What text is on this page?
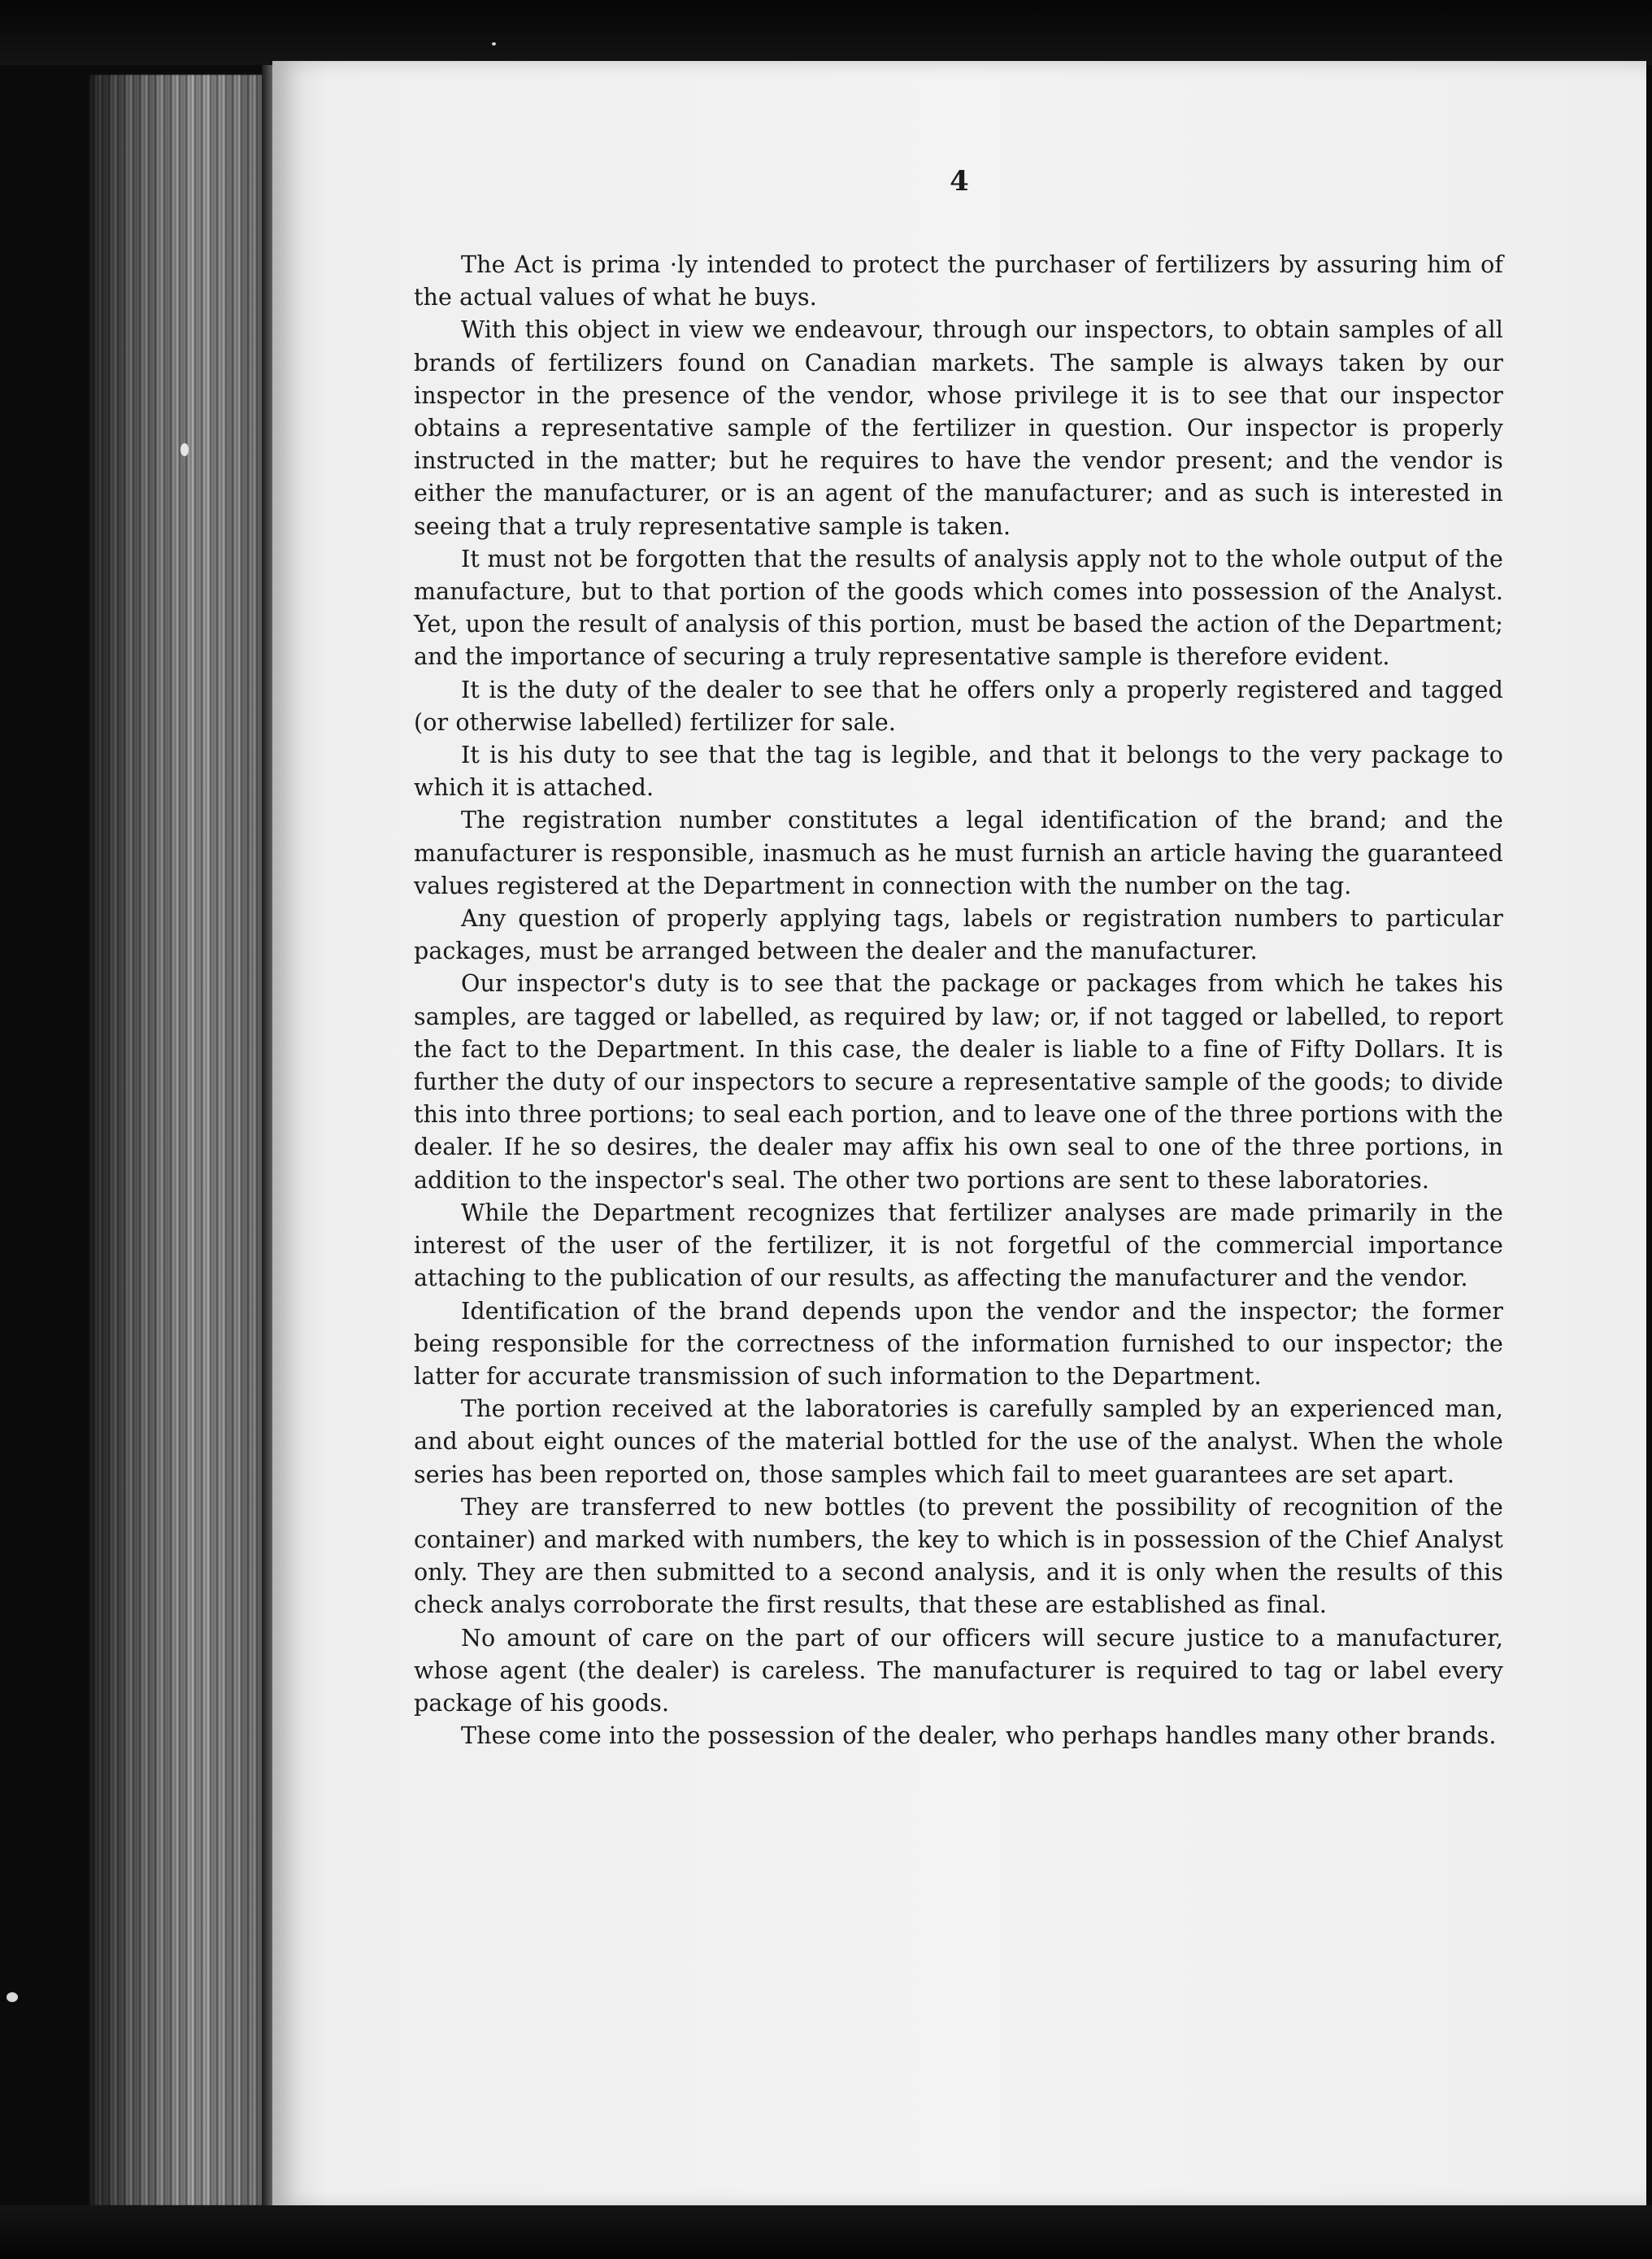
4

The Act is prima ·ly intended to protect the purchaser of fertilizers by assuring him of the actual values of what he buys.

With this object in view we endeavour, through our inspectors, to obtain samples of all brands of fertilizers found on Canadian markets. The sample is always taken by our inspector in the presence of the vendor, whose privilege it is to see that our inspector obtains a representative sample of the fertilizer in question. Our inspector is properly instructed in the matter; but he requires to have the vendor present; and the vendor is either the manufacturer, or is an agent of the manufacturer; and as such is interested in seeing that a truly representative sample is taken.

It must not be forgotten that the results of analysis apply not to the whole output of the manufacture, but to that portion of the goods which comes into possession of the Analyst. Yet, upon the result of analysis of this portion, must be based the action of the Department; and the importance of securing a truly representative sample is therefore evident.

It is the duty of the dealer to see that he offers only a properly registered and tagged (or otherwise labelled) fertilizer for sale.

It is his duty to see that the tag is legible, and that it belongs to the very package to which it is attached.

The registration number constitutes a legal identification of the brand; and the manufacturer is responsible, inasmuch as he must furnish an article having the guaranteed values registered at the Department in connection with the number on the tag.

Any question of properly applying tags, labels or registration numbers to particular packages, must be arranged between the dealer and the manufacturer.

Our inspector's duty is to see that the package or packages from which he takes his samples, are tagged or labelled, as required by law; or, if not tagged or labelled, to report the fact to the Department. In this case, the dealer is liable to a fine of Fifty Dollars. It is further the duty of our inspectors to secure a representative sample of the goods; to divide this into three portions; to seal each portion, and to leave one of the three portions with the dealer. If he so desires, the dealer may affix his own seal to one of the three portions, in addition to the inspector's seal. The other two portions are sent to these laboratories.

While the Department recognizes that fertilizer analyses are made primarily in the interest of the user of the fertilizer, it is not forgetful of the commercial importance attaching to the publication of our results, as affecting the manufacturer and the vendor.

Identification of the brand depends upon the vendor and the inspector; the former being responsible for the correctness of the information furnished to our inspector; the latter for accurate transmission of such information to the Department.

The portion received at the laboratories is carefully sampled by an experienced man, and about eight ounces of the material bottled for the use of the analyst. When the whole series has been reported on, those samples which fail to meet guarantees are set apart.

They are transferred to new bottles (to prevent the possibility of recognition of the container) and marked with numbers, the key to which is in possession of the Chief Analyst only. They are then submitted to a second analysis, and it is only when the results of this check analys corroborate the first results, that these are established as final.

No amount of care on the part of our officers will secure justice to a manufacturer, whose agent (the dealer) is careless. The manufacturer is required to tag or label every package of his goods.

These come into the possession of the dealer, who perhaps handles many other brands.
